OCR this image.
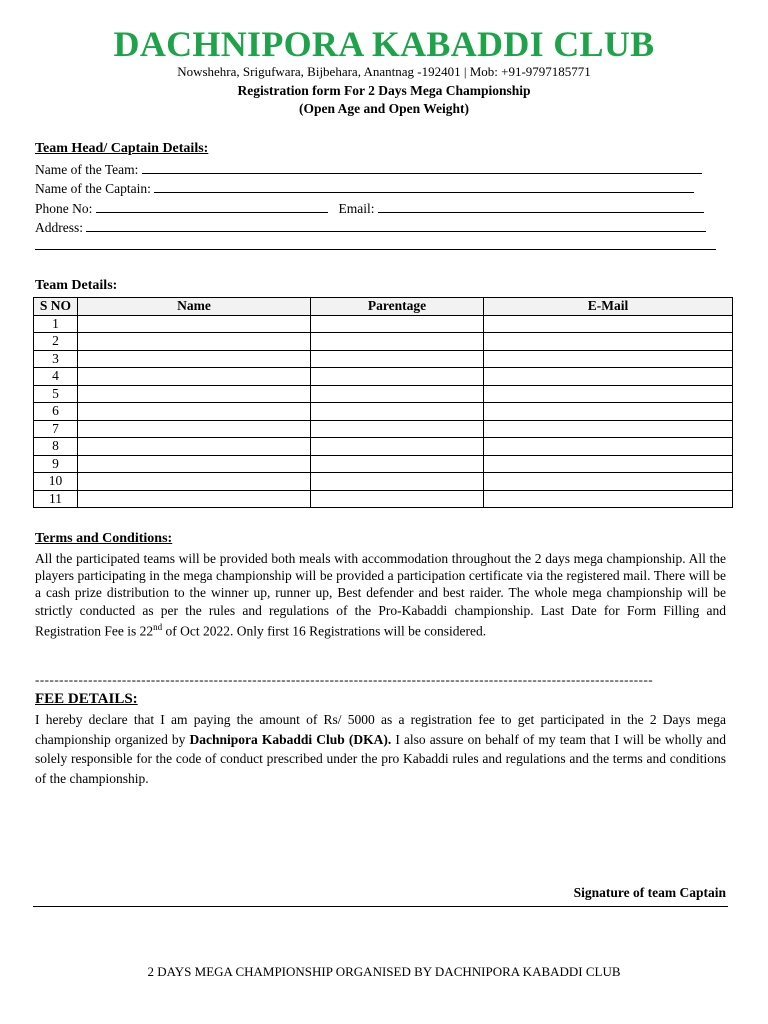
DACHNIPORA KABADDI CLUB
Nowshehra, Srigufwara, Bijbehara, Anantnag -192401 | Mob: +91-9797185771
Registration form For 2 Days Mega Championship
(Open Age and Open Weight)
Team Head/ Captain Details:
Name of the Team:
Name of the Captain:
Phone No:	Email:
Address:
Team Details:
S NO	Name	Parentage	E-Mail
1			
2			
3			
4			
5			
6			
7			
8			
9			
10			
11			
Terms and Conditions:
All the participated teams will be provided both meals with accommodation throughout the 2 days mega championship. All the players participating in the mega championship will be provided a participation certificate via the registered mail. There will be a cash prize distribution to the winner up, runner up, Best defender and best raider. The whole mega championship will be strictly conducted as per the rules and regulations of the Pro-Kabaddi championship. Last Date for Form Filling and Registration Fee is 22nd of Oct 2022. Only first 16 Registrations will be considered.
--------------------------------------------------------------------------------------------------------------------------------
FEE DETAILS:
I hereby declare that I am paying the amount of Rs/ 5000 as a registration fee to get participated in the 2 Days mega championship organized by Dachnipora Kabaddi Club (DKA). I also assure on behalf of my team that I will be wholly and solely responsible for the code of conduct prescribed under the pro Kabaddi rules and regulations and the terms and conditions of the championship.
Signature of team Captain
2 DAYS MEGA CHAMPIONSHIP ORGANISED BY DACHNIPORA KABADDI CLUB
